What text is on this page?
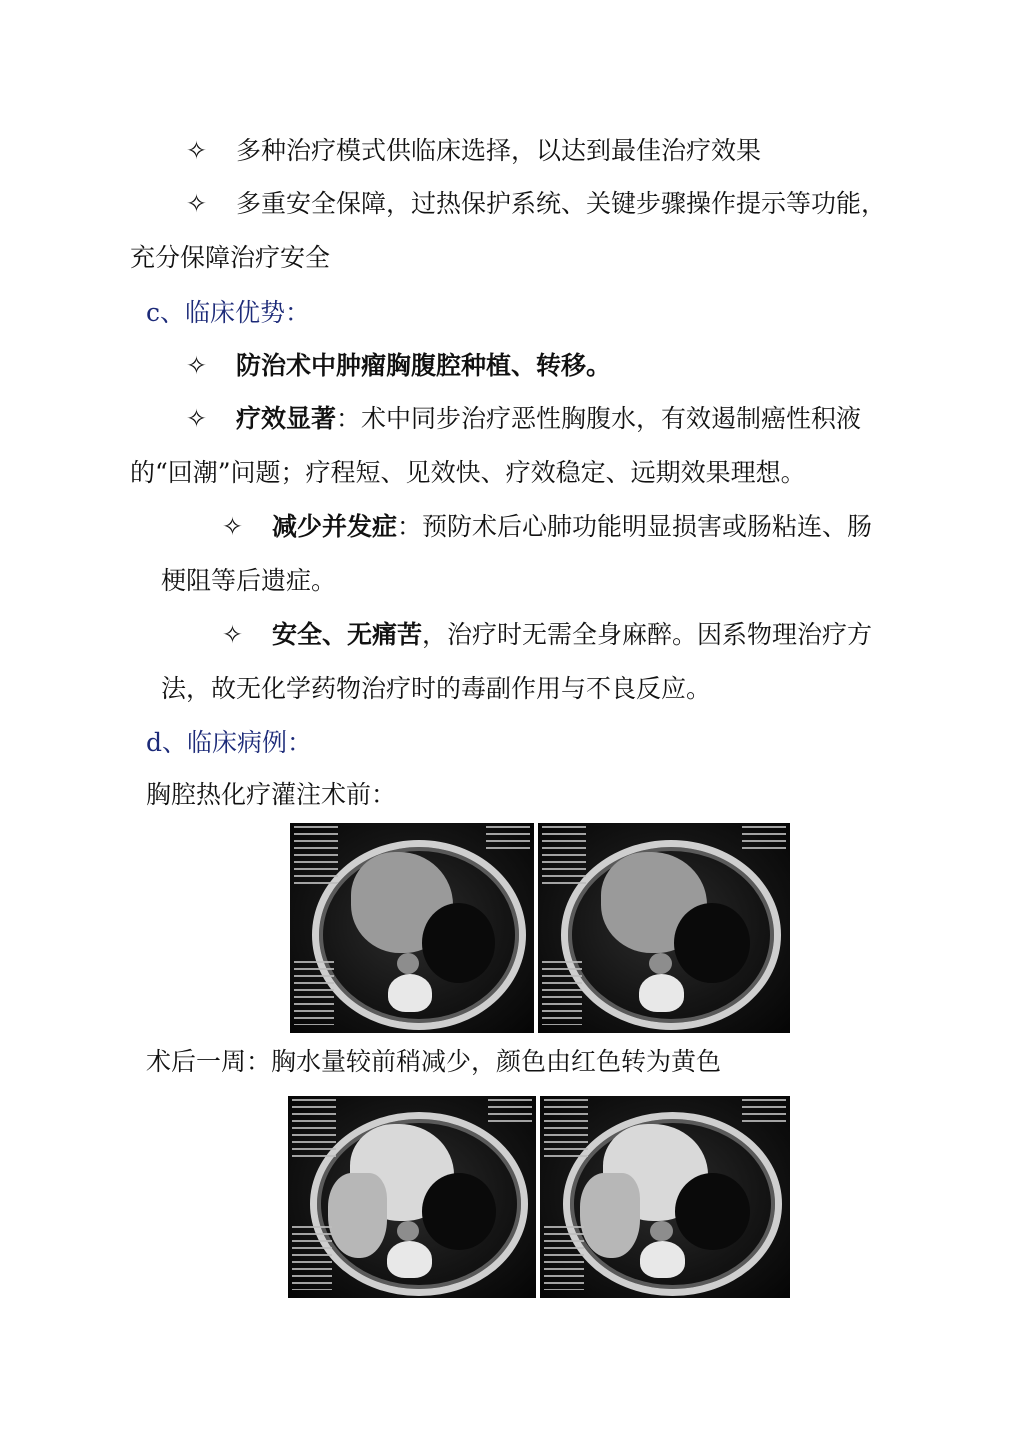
✧ 多种治疗模式供临床选择，以达到最佳治疗效果
✧ 多重安全保障，过热保护系统、关键步骤操作提示等功能，
充分保障治疗安全
c、临床优势：
✧ 防治术中肿瘤胸腹腔种植、转移。
✧ 疗效显著：术中同步治疗恶性胸腹水，有效遏制癌性积液
的“回潮”问题；疗程短、见效快、疗效稳定、远期效果理想。
✧ 减少并发症：预防术后心肺功能明显损害或肠粘连、肠
梗阻等后遗症。
✧ 安全、无痛苦，治疗时无需全身麻醉。因系物理治疗方
法，故无化学药物治疗时的毒副作用与不良反应。
d、临床病例：
胸腔热化疗灌注术前：
术后一周：胸水量较前稍减少，颜色由红色转为黄色
